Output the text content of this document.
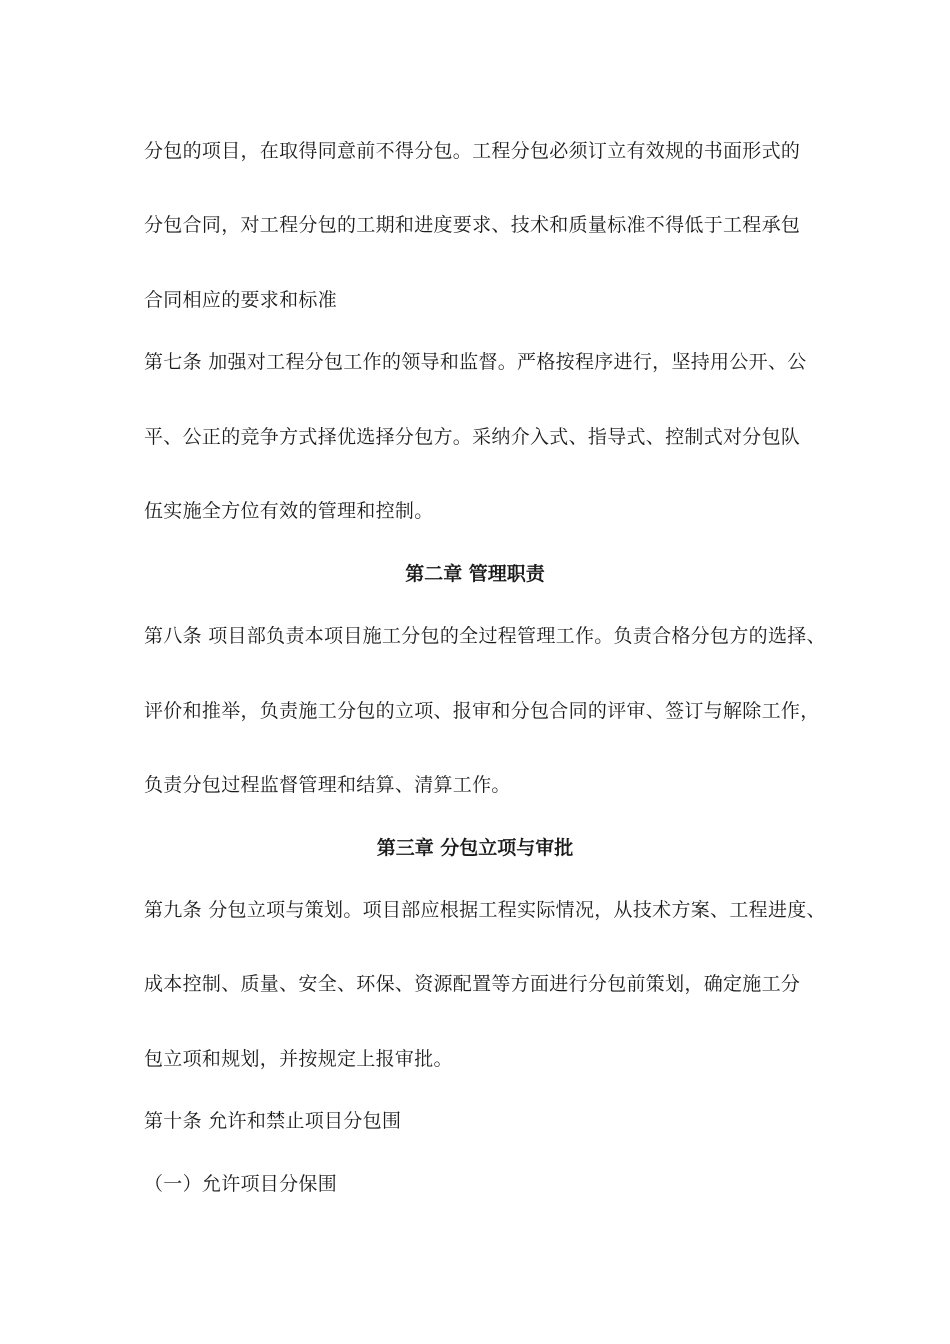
分包的项目，在取得同意前不得分包。工程分包必须订立有效规的书面形式的
分包合同，对工程分包的工期和进度要求、技术和质量标准不得低于工程承包
合同相应的要求和标准
第七条 加强对工程分包工作的领导和监督。严格按程序进行，坚持用公开、公
平、公正的竞争方式择优选择分包方。采纳介入式、指导式、控制式对分包队
伍实施全方位有效的管理和控制。
第二章 管理职责
第八条 项目部负责本项目施工分包的全过程管理工作。负责合格分包方的选择、
评价和推举，负责施工分包的立项、报审和分包合同的评审、签订与解除工作，
负责分包过程监督管理和结算、清算工作。
第三章 分包立项与审批
第九条 分包立项与策划。项目部应根据工程实际情况，从技术方案、工程进度、
成本控制、质量、安全、环保、资源配置等方面进行分包前策划，确定施工分
包立项和规划，并按规定上报审批。
第十条 允许和禁止项目分包围
（一）允许项目分保围
